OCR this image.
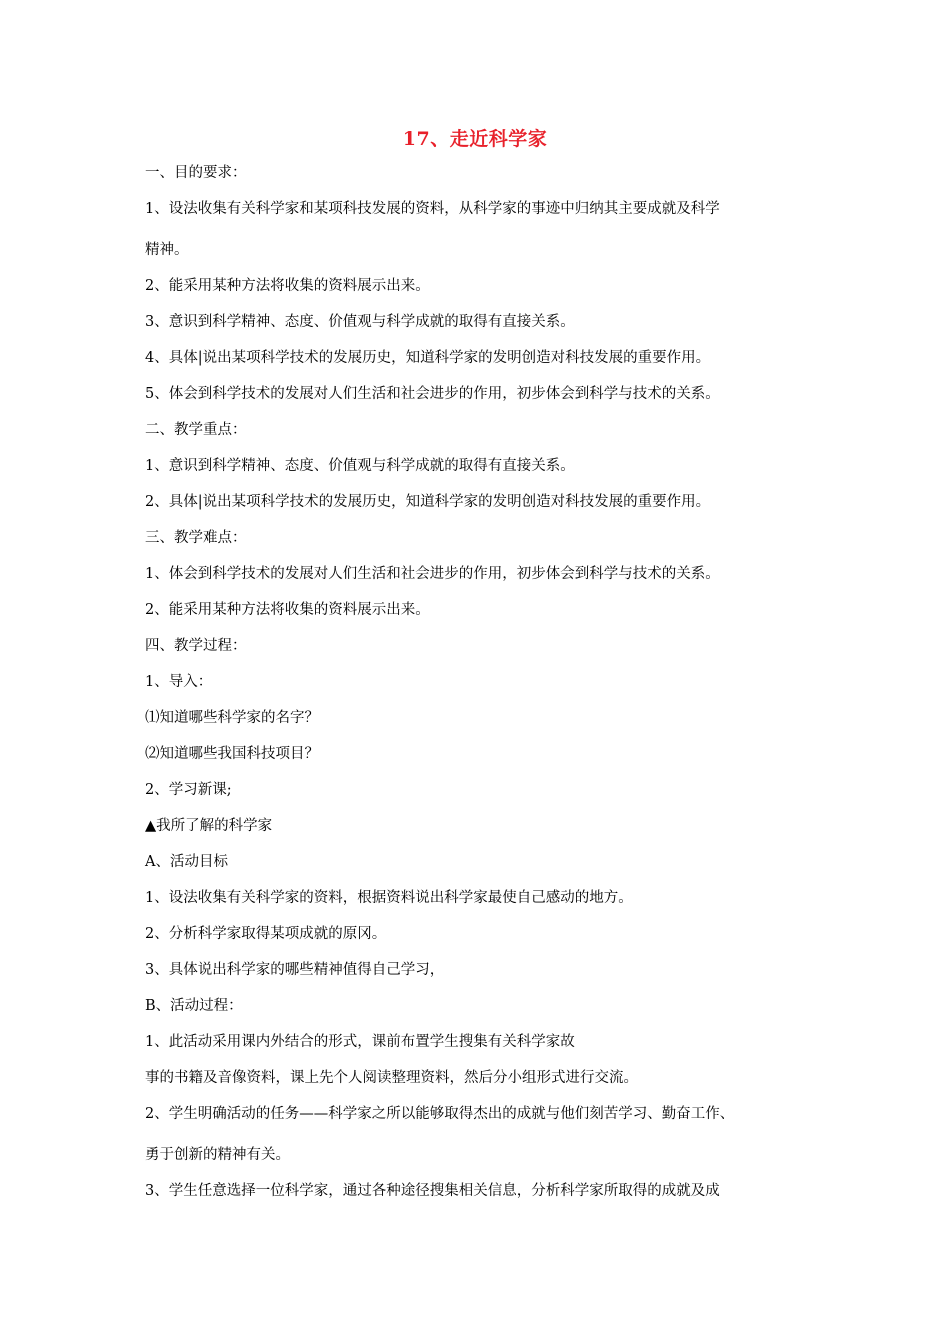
17、走近科学家
一、目的要求：
1、设法收集有关科学家和某项科技发展的资料，从科学家的事迹中归纳其主要成就及科学
精神。
2、能采用某种方法将收集的资料展示出来。
3、意识到科学精神、态度、价值观与科学成就的取得有直接关系。
4、具体|说出某项科学技术的发展历史，知道科学家的发明创造对科技发展的重要作用。
5、体会到科学技术的发展对人们生活和社会进步的作用，初步体会到科学与技术的关系。
二、教学重点：
1、意识到科学精神、态度、价值观与科学成就的取得有直接关系。
2、具体|说出某项科学技术的发展历史，知道科学家的发明创造对科技发展的重要作用。
三、教学难点：
1、体会到科学技术的发展对人们生活和社会进步的作用，初步体会到科学与技术的关系。
2、能采用某种方法将收集的资料展示出来。
四、教学过程：
1、导入：
⑴知道哪些科学家的名字？
⑵知道哪些我国科技项目？
2、学习新课;
▲我所了解的科学家
A、活动目标
1、设法收集有关科学家的资料，根据资料说出科学家最使自己感动的地方。
2、分析科学家取得某项成就的原冈。
3、具体说出科学家的哪些精神值得自己学习，
B、活动过程：
1、此活动采用课内外结合的形式，课前布置学生搜集有关科学家故
事的书籍及音像资料，课上先个人阅读整理资料，然后分小组形式进行交流。
2、学生明确活动的任务——科学家之所以能够取得杰出的成就与他们刻苦学习、勤奋工作、
勇于创新的精神有关。
3、学生任意选择一位科学家，通过各种途径搜集相关信息，分析科学家所取得的成就及成
